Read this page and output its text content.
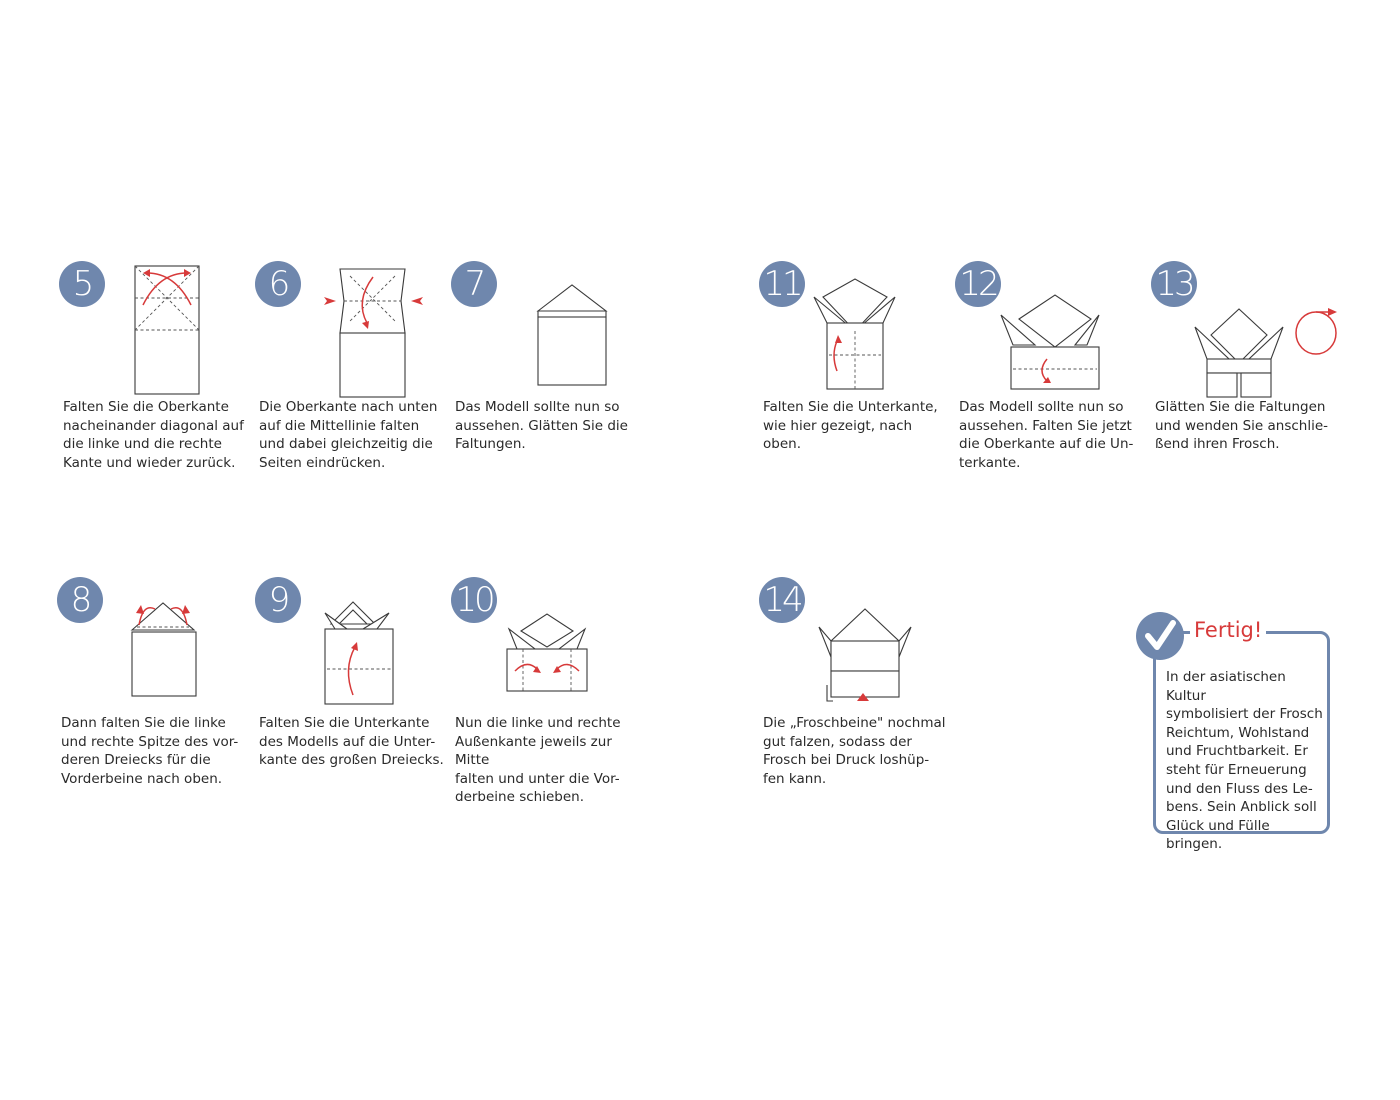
5
Falten Sie die Oberkante
nacheinander diagonal auf
die linke und die rechte
Kante und wieder zurück.
6
Die Oberkante nach unten
auf die Mittellinie falten
und dabei gleichzeitig die
Seiten eindrücken.
7
Das Modell sollte nun so
aussehen. Glätten Sie die
Faltungen.
11
Falten Sie die Unterkante,
wie hier gezeigt, nach oben.
12
Das Modell sollte nun so
aussehen. Falten Sie jetzt
die Oberkante auf die Un-
terkante.
13
Glätten Sie die Faltungen
und wenden Sie anschlie-
ßend ihren Frosch.
8
Dann falten Sie die linke
und rechte Spitze des vor-
deren Dreiecks für die
Vorderbeine nach oben.
9
Falten Sie die Unterkante
des Modells auf die Unter-
kante des großen Dreiecks.
10
Nun die linke und rechte
Außenkante jeweils zur Mitte
falten und unter die Vor-
derbeine schieben.
14
Die „Froschbeine" nochmal
gut falzen, sodass der
Frosch bei Druck loshüp-
fen kann.
Fertig!
In der asiatischen Kultur
symbolisiert der Frosch
Reichtum, Wohlstand
und Fruchtbarkeit. Er
steht für Erneuerung
und den Fluss des Le-
bens. Sein Anblick soll
Glück und Fülle bringen.
